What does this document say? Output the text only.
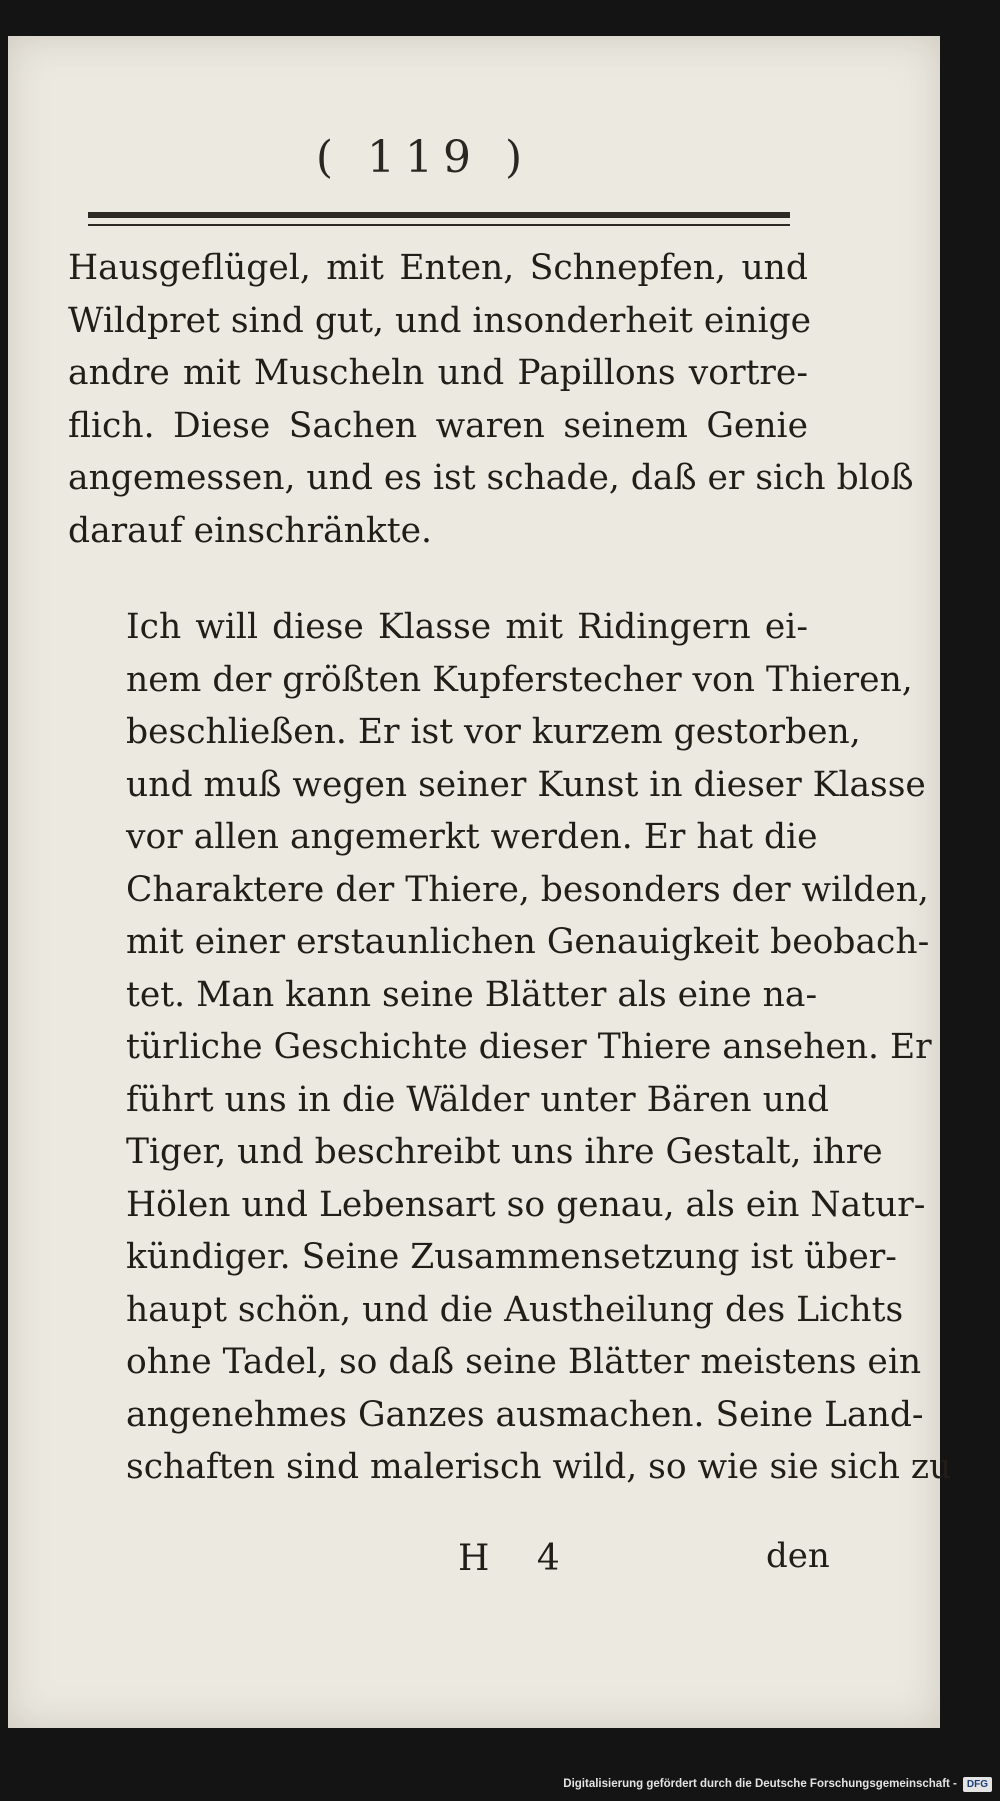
( 119 )

Hausgeflügel, mit Enten, Schnepfen, und
Wildpret sind gut, und insonderheit einige
andre mit Muscheln und Papillons vortre-
flich. Diese Sachen waren seinem Genie
angemessen, und es ist schade, daß er sich bloß
darauf einschränkte.

Ich will diese Klasse mit Ridingern ei-
nem der größten Kupferstecher von Thieren,
beschließen. Er ist vor kurzem gestorben,
und muß wegen seiner Kunst in dieser Klasse
vor allen angemerkt werden. Er hat die
Charaktere der Thiere, besonders der wilden,
mit einer erstaunlichen Genauigkeit beobach-
tet. Man kann seine Blätter als eine na-
türliche Geschichte dieser Thiere ansehen. Er
führt uns in die Wälder unter Bären und
Tiger, und beschreibt uns ihre Gestalt, ihre
Hölen und Lebensart so genau, als ein Natur-
kündiger. Seine Zusammensetzung ist über-
haupt schön, und die Austheilung des Lichts
ohne Tadel, so daß seine Blätter meistens ein
angenehmes Ganzes ausmachen. Seine Land-
schaften sind malerisch wild, so wie sie sich zu

H 4	den
Digitalisierung gefördert durch die Deutsche Forschungsgemeinschaft -	DFG
